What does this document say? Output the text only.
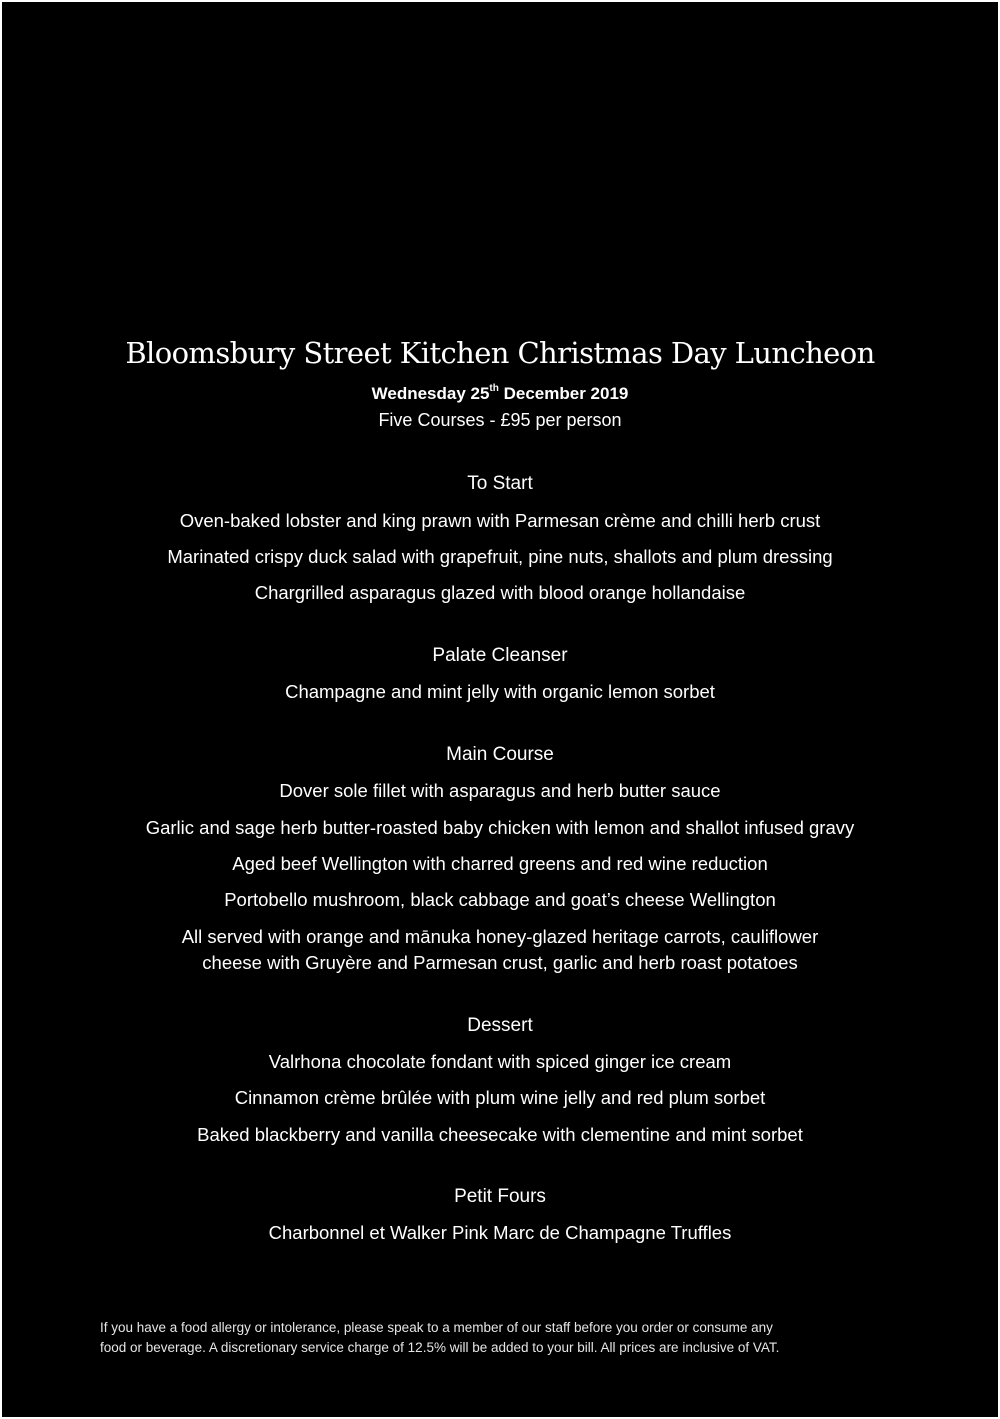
Bloomsbury Street Kitchen Christmas Day Luncheon
Wednesday 25th December 2019
Five Courses - £95 per person
To Start
Oven-baked lobster and king prawn with Parmesan crème and chilli herb crust
Marinated crispy duck salad with grapefruit, pine nuts, shallots and plum dressing
Chargrilled asparagus glazed with blood orange hollandaise
Palate Cleanser
Champagne and mint jelly with organic lemon sorbet
Main Course
Dover sole fillet with asparagus and herb butter sauce
Garlic and sage herb butter-roasted baby chicken with lemon and shallot infused gravy
Aged beef Wellington with charred greens and red wine reduction
Portobello mushroom, black cabbage and goat’s cheese Wellington
All served with orange and mānuka honey-glazed heritage carrots, cauliflower
cheese with Gruyère and Parmesan crust, garlic and herb roast potatoes
Dessert
Valrhona chocolate fondant with spiced ginger ice cream
Cinnamon crème brûlée with plum wine jelly and red plum sorbet
Baked blackberry and vanilla cheesecake with clementine and mint sorbet
Petit Fours
Charbonnel et Walker Pink Marc de Champagne Truffles
If you have a food allergy or intolerance, please speak to a member of our staff before you order or consume any
food or beverage. A discretionary service charge of 12.5% will be added to your bill. All prices are inclusive of VAT.
